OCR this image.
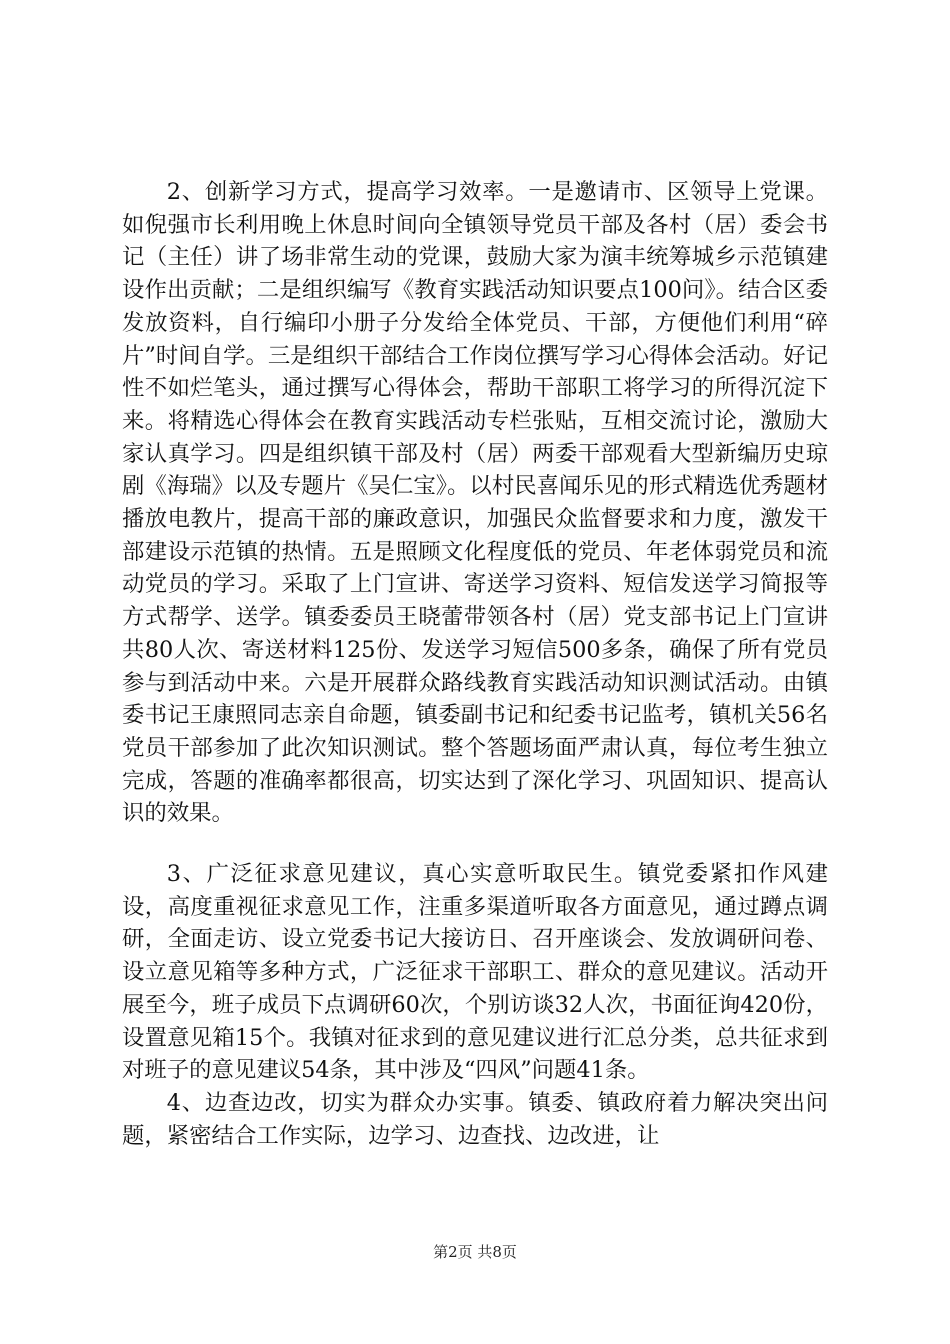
2、创新学习方式，提高学习效率。一是邀请市、区领导上党课。如倪强市长利用晚上休息时间向全镇领导党员干部及各村（居）委会书记（主任）讲了场非常生动的党课，鼓励大家为演丰统筹城乡示范镇建设作出贡献；二是组织编写《教育实践活动知识要点100问》。结合区委发放资料，自行编印小册子分发给全体党员、干部，方便他们利用“碎片”时间自学。三是组织干部结合工作岗位撰写学习心得体会活动。好记性不如烂笔头，通过撰写心得体会，帮助干部职工将学习的所得沉淀下来。将精选心得体会在教育实践活动专栏张贴，互相交流讨论，激励大家认真学习。四是组织镇干部及村（居）两委干部观看大型新编历史琼剧《海瑞》以及专题片《吴仁宝》。以村民喜闻乐见的形式精选优秀题材播放电教片，提高干部的廉政意识，加强民众监督要求和力度，激发干部建设示范镇的热情。五是照顾文化程度低的党员、年老体弱党员和流动党员的学习。采取了上门宣讲、寄送学习资料、短信发送学习简报等方式帮学、送学。镇委委员王晓蕾带领各村（居）党支部书记上门宣讲共80人次、寄送材料125份、发送学习短信500多条，确保了所有党员参与到活动中来。六是开展群众路线教育实践活动知识测试活动。由镇委书记王康照同志亲自命题，镇委副书记和纪委书记监考，镇机关56名党员干部参加了此次知识测试。整个答题场面严肃认真，每位考生独立完成，答题的准确率都很高，切实达到了深化学习、巩固知识、提高认识的效果。

3、广泛征求意见建议，真心实意听取民生。镇党委紧扣作风建设，高度重视征求意见工作，注重多渠道听取各方面意见，通过蹲点调研，全面走访、设立党委书记大接访日、召开座谈会、发放调研问卷、设立意见箱等多种方式，广泛征求干部职工、群众的意见建议。活动开展至今，班子成员下点调研60次，个别访谈32人次，书面征询420份，设置意见箱15个。我镇对征求到的意见建议进行汇总分类，总共征求到对班子的意见建议54条，其中涉及“四风”问题41条。

4、边查边改，切实为群众办实事。镇委、镇政府着力解决突出问题，紧密结合工作实际，边学习、边查找、边改进，让

第2页 共8页
